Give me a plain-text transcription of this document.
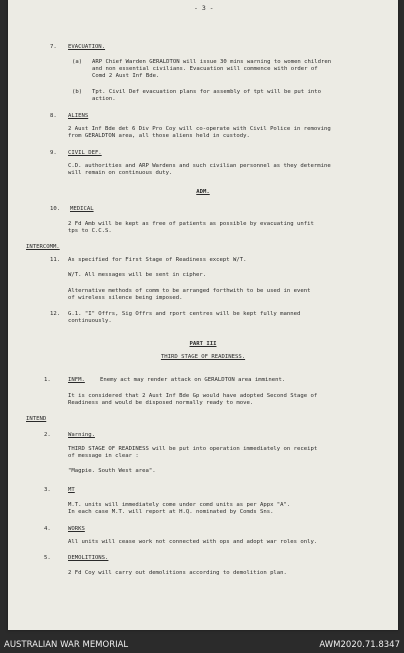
- 3 -
7. EVACUATION.
(a) ARP Chief Warden GERALDTON will issue 30 mins warning to women children
and non essential civilians. Evacuation will commence with order of
Comd 2 Aust Inf Bde.
(b) Tpt. Civil Def evacuation plans for assembly of tpt will be put into
action.
8. ALIENS
2 Aust Inf Bde det 6 Div Pro Coy will co-operate with Civil Police in removing
from GERALDTON area, all those aliens held in custody.
9. CIVIL DEF.
C.D. authorities and ARP Wardens and such civilian personnel as they determine
will remain on continuous duty.
ADM.
10. MEDICAL
2 Fd Amb will be kept as free of patients as possible by evacuating unfit
tps to C.C.S.
INTERCOMM.
11. As specified for First Stage of Readiness except W/T.
W/T. All messages will be sent in cipher.
Alternative methods of comm to be arranged forthwith to be used in event
of wireless silence being imposed.
12. G.1. "I" Offrs, Sig Offrs and rport centres will be kept fully manned
continuously.
PART III
THIRD STAGE OF READINESS.
1.	INFM.	Enemy act may render attack on GERALDTON area imminent.
It is considered that 2 Aust Inf Bde Gp would have adopted Second Stage of
Readiness and would be disposed normally ready to move.
INTEND
2.	Warning.
THIRD STAGE OF READINESS will be put into operation immediately on receipt
of message in clear :
"Magpie. South West area".
3.	MT
M.T. units will immediately come under comd units as per Appx "A".
In each case M.T. will report at H.Q. nominated by Comds Sns.
4.	WORKS
All units will cease work not connected with ops and adopt war roles only.
5.	DEMOLITIONS.
2 Fd Coy will carry out demolitions according to demolition plan.
AUSTRALIAN WAR MEMORIAL	AWM2020.71.8347
